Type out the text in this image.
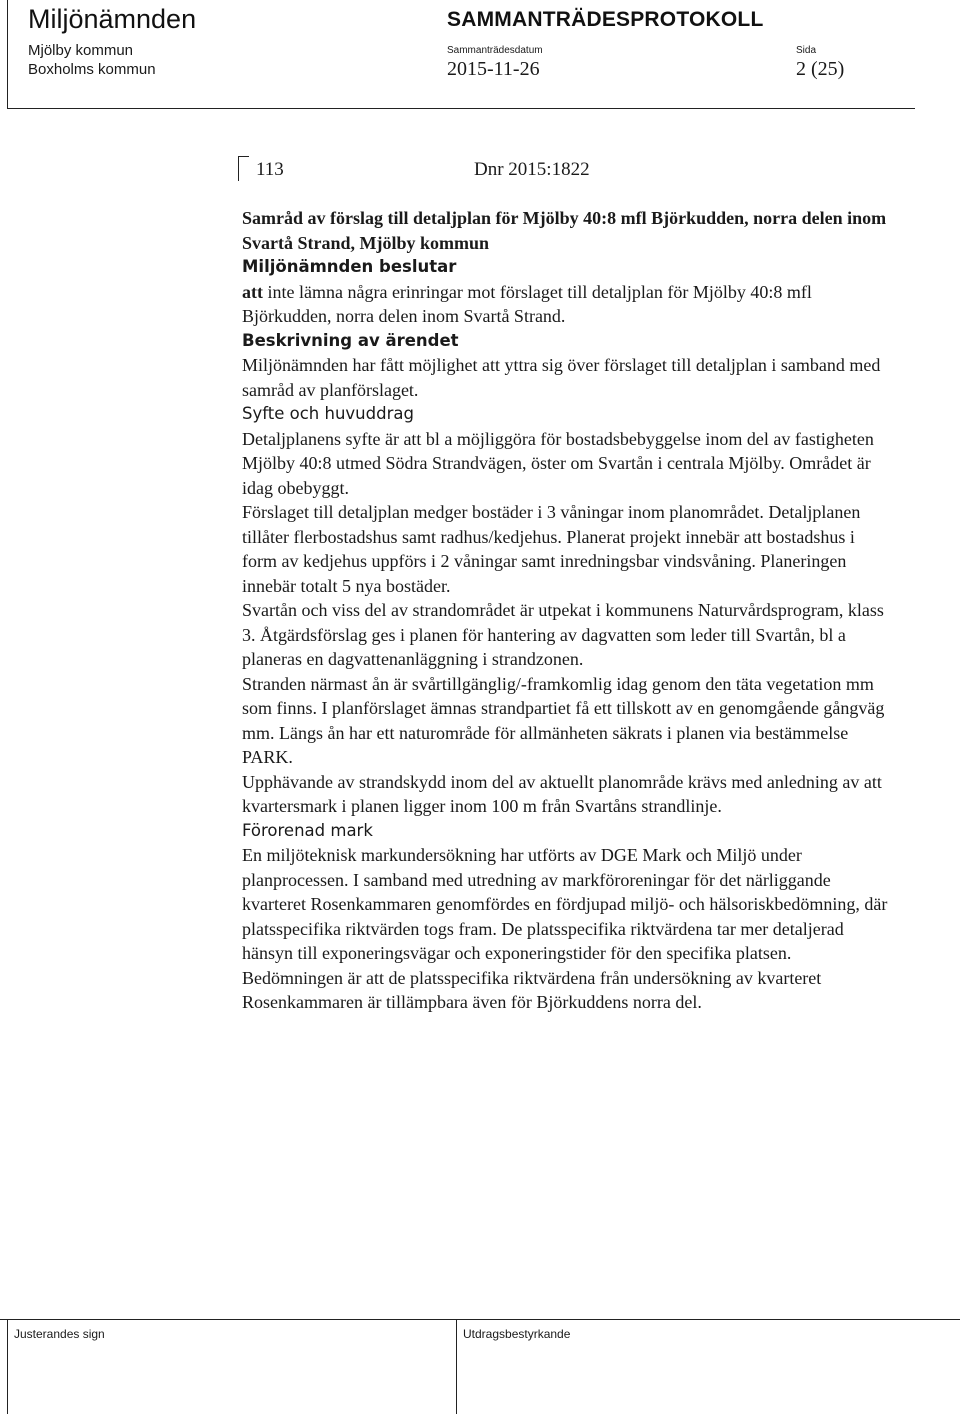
Miljönämnden	SAMMANTRÄDESPROTOKOLL
Mjölby kommun
Boxholms kommun
Sammanträdesdatum	Sida
2015-11-26	2 (25)
113	Dnr 2015:1822

Samråd av förslag till detaljplan för Mjölby 40:8 mfl Björkudden, norra delen inom Svartå Strand, Mjölby kommun

Miljönämnden beslutar

att inte lämna några erinringar mot förslaget till detaljplan för Mjölby 40:8 mfl Björkudden, norra delen inom Svartå Strand.

Beskrivning av ärendet

Miljönämnden har fått möjlighet att yttra sig över förslaget till detaljplan i samband med samråd av planförslaget.

Syfte och huvuddrag

Detaljplanens syfte är att bl a möjliggöra för bostadsbebyggelse inom del av fastigheten Mjölby 40:8 utmed Södra Strandvägen, öster om Svartån i centrala Mjölby. Området är idag obebyggt.

Förslaget till detaljplan medger bostäder i 3 våningar inom planområdet. Detaljplanen tillåter flerbostadshus samt radhus/kedjehus. Planerat projekt innebär att bostadshus i form av kedjehus uppförs i 2 våningar samt inredningsbar vindsvåning. Planeringen innebär totalt 5 nya bostäder.

Svartån och viss del av strandområdet är utpekat i kommunens Naturvårdsprogram, klass 3. Åtgärdsförslag ges i planen för hantering av dagvatten som leder till Svartån, bl a planeras en dagvattenanläggning i strandzonen.

Stranden närmast ån är svårtillgänglig/-framkomlig idag genom den täta vegetation mm som finns. I planförslaget ämnas strandpartiet få ett tillskott av en genomgående gångväg mm. Längs ån har ett naturområde för allmänheten säkrats i planen via bestämmelse PARK.

Upphävande av strandskydd inom del av aktuellt planområde krävs med anledning av att kvartersmark i planen ligger inom 100 m från Svartåns strandlinje.

Förorenad mark

En miljöteknisk markundersökning har utförts av DGE Mark och Miljö under planprocessen. I samband med utredning av markföroreningar för det närliggande kvarteret Rosenkammaren genomfördes en fördjupad miljö- och hälsoriskbedömning, där platsspecifika riktvärden togs fram. De platsspecifika riktvärdena tar mer detaljerad hänsyn till exponeringsvägar och exponeringstider för den specifika platsen. Bedömningen är att de platsspecifika riktvärdena från undersökning av kvarteret Rosenkammaren är tillämpbara även för Björkuddens norra del.

Justerandes sign	Utdragsbestyrkande
